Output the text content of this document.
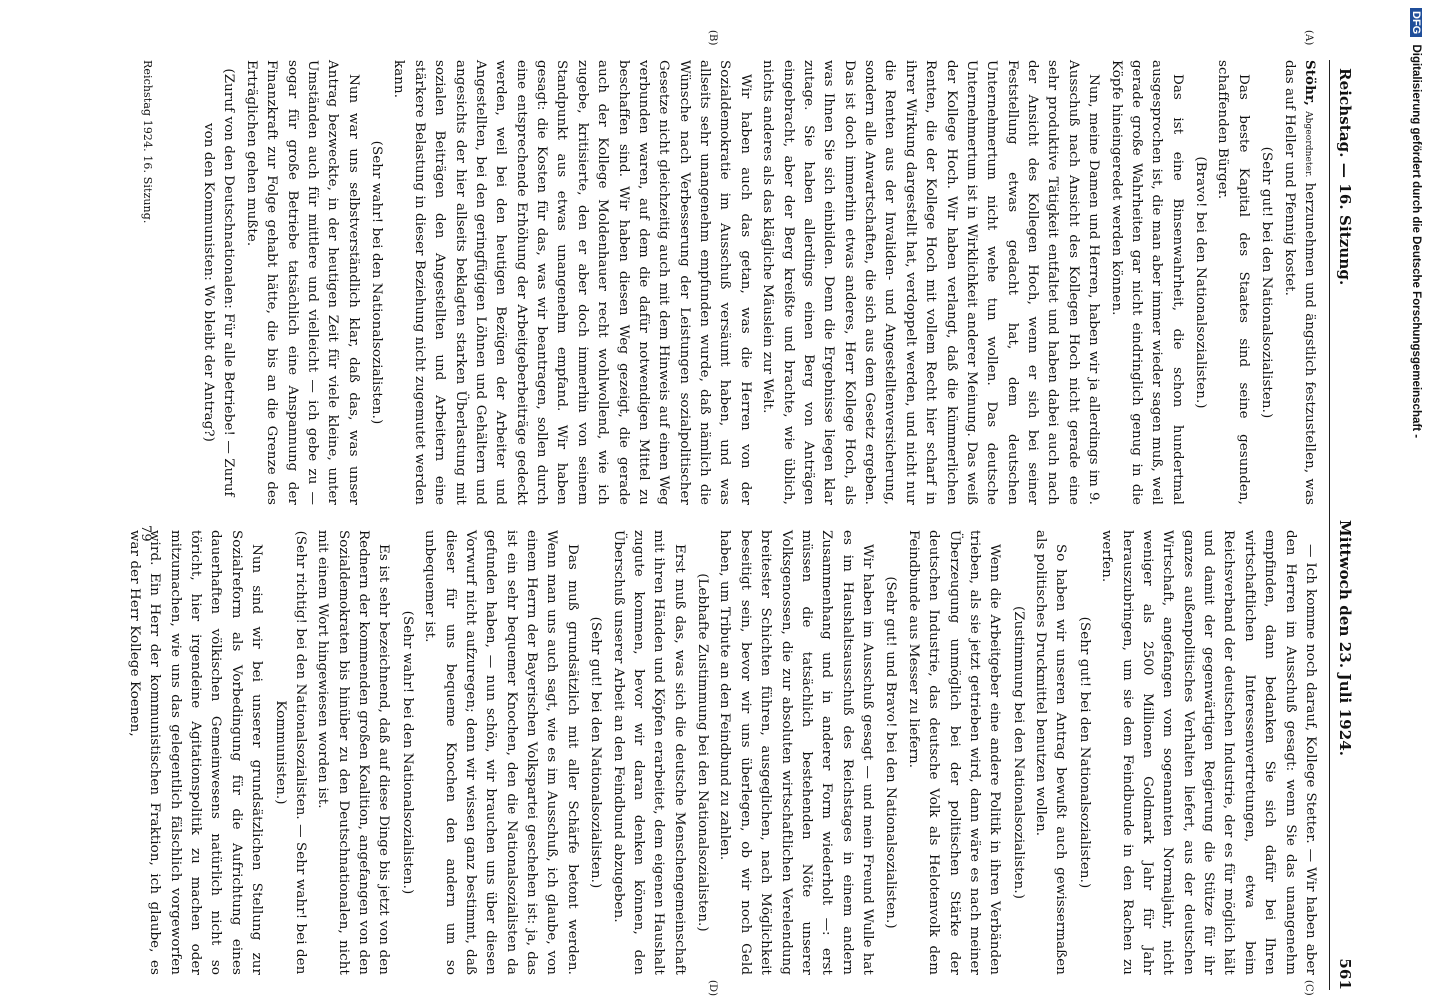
Reichstag. — 16. Sitzung.
Mittwoch den 23. Juli 1924.
561
(A)
(B)
(C)
(D)

Stöhr, Abgeordneter. herzunehmen und ängstlich festzustellen, was das auf Heller und Pfennig kostet.

(Sehr gut! bei den Nationalsozialisten.)

Das beste Kapital des Staates sind seine gesunden, schaffenden Bürger.

(Bravo! bei den Nationalsozialisten.)

Das ist eine Binsenwahrheit, die schon hundertmal ausgesprochen ist, die man aber immer wieder sagen muß, weil gerade große Wahrheiten gar nicht eindringlich genug in die Köpfe hineingeredet werden können.

Nun, meine Damen und Herren, haben wir ja allerdings im 9. Ausschuß nach Ansicht des Kollegen Hoch nicht gerade eine sehr produktive Tätigkeit entfaltet und haben dabei auch nach der Ansicht des Kollegen Hoch, wenn er sich bei seiner Feststellung etwas gedacht hat, dem deutschen Unternehmertum nicht wehe tun wollen. Das deutsche Unternehmertum ist in Wirklichkeit anderer Meinung. Das weiß der Kollege Hoch. Wir haben verlangt, daß die kümmerlichen Renten, die der Kollege Hoch mit vollem Recht hier scharf in ihrer Wirkung dargestellt hat, verdoppelt werden, und nicht nur die Renten aus der Invaliden- und Angestelltenversicherung, sondern alle Anwartschaften, die sich aus dem Gesetz ergeben. Das ist doch immerhin etwas anderes, Herr Kollege Hoch, als was Ihnen Sie sich einbilden. Denn die Ergebnisse liegen klar zutage. Sie haben allerdings einen Berg von Anträgen eingebracht, aber der Berg kreißte und brachte, wie üblich, nichts anderes als das klägliche Mäuslein zur Welt.

Wir haben auch das getan, was die Herren von der Sozialdemokratie im Ausschuß versäumt haben, und was allseits sehr unangenehm empfunden wurde, daß nämlich die Wünsche nach Verbesserung der Leistungen sozialpolitischer Gesetze nicht gleichzeitig auch mit dem Hinweis auf einen Weg verbunden waren, auf dem die dafür notwendigen Mittel zu beschaffen sind. Wir haben diesen Weg gezeigt, die gerade auch der Kollege Moldenhauer recht wohlwollend, wie ich zugebe, kritisierte, den er aber doch immerhin von seinem Standpunkt aus etwas unangenehm empfand. Wir haben gesagt: die Kosten für das, was wir beantragen, sollen durch eine entsprechende Erhöhung der Arbeitgeberbeiträge gedeckt werden, weil bei den heutigen Bezügen der Arbeiter und Angestellten, bei den geringfügigen Löhnen und Gehältern und angesichts der hier allseits beklagten starken Überlastung mit sozialen Beiträgen den Angestellten und Arbeitern eine stärkere Belastung in dieser Beziehung nicht zugemutet werden kann.

(Sehr wahr! bei den Nationalsozialisten.)

Nun war uns selbstverständlich klar, daß das, was unser Antrag bezweckte, in der heutigen Zeit für viele kleine, unter Umständen auch für mittlere und vielleicht — ich gebe zu — sogar für große Betriebe tatsächlich eine Anspannung der Finanzkraft zur Folge gehabt hätte, die bis an die Grenze des Erträglichen gehen mußte.

(Zuruf von den Deutschnationalen: Für alle Betriebe! — Zuruf von den Kommunisten: Wo bleibt der Antrag?)

— Ich komme noch darauf, Kollege Stetter. — Wir haben aber den Herren im Ausschuß gesagt: wenn Sie das unangenehm empfinden, dann bedanken Sie sich dafür bei Ihren wirtschaftlichen Interessenvertretungen, etwa beim Reichsverband der deutschen Industrie, der es für möglich hält und damit der gegenwärtigen Regierung die Stütze für ihr ganzes außenpolitisches Verhalten liefert, aus der deutschen Wirtschaft, angefangen vom sogenannten Normaljahr, nicht weniger als 2500 Millionen Goldmark Jahr für Jahr herauszubringen, um sie dem Feindbunde in den Rachen zu werfen.

(Sehr gut! bei den Nationalsozialisten.)

So haben wir unseren Antrag bewußt auch gewissermaßen als politisches Druckmittel benutzen wollen.

(Zustimmung bei den Nationalsozialisten.)

Wenn die Arbeitgeber eine andere Politik in ihren Verbänden trieben, als sie jetzt getrieben wird, dann wäre es nach meiner Überzeugung unmöglich bei der politischen Stärke der deutschen Industrie, das deutsche Volk als Helotenvolk dem Feindbunde aus Messer zu liefern.

(Sehr gut! und Bravo! bei den Nationalsozialisten.)

Wir haben im Ausschuß gesagt — und mein Freund Wulle hat es im Haushaltsausschuß des Reichstages in einem andern Zusammenhang und in anderer Form wiederholt —: erst müssen die tatsächlich bestehenden Nöte unserer Volksgenossen, die zur absoluten wirtschaftlichen Verelendung breitester Schichten führen, ausgeglichen, nach Möglichkeit beseitigt sein, bevor wir uns überlegen, ob wir noch Geld haben, um Tribute an den Feindbund zu zahlen.

(Lebhafte Zustimmung bei den Nationalsozialisten.)

Erst muß das, was sich die deutsche Menschengemeinschaft mit ihren Händen und Köpfen erarbeitet, dem eigenen Haushalt zugute kommen, bevor wir daran denken können, den Überschuß unserer Arbeit an den Feindbund abzugeben.

(Sehr gut! bei den Nationalsozialisten.)

Das muß grundsätzlich mit aller Schärfe betont werden. Wenn man uns auch sagt, wie es im Ausschuß, ich glaube, von einem Herrn der Bayerischen Volkspartei geschehen ist: ja, das ist ein sehr bequemer Knochen, den die Nationalsozialisten da gefunden haben, — nun schön, wir brauchen uns über diesen Vorwurf nicht aufzuregen; denn wir wissen ganz bestimmt, daß dieser für uns bequeme Knochen den andern um so unbequemer ist.

(Sehr wahr! bei den Nationalsozialisten.)

Es ist sehr bezeichnend, daß auf diese Dinge bis jetzt von den Rednern der kommenden großen Koalition, angefangen von den Sozialdemokraten bis hinüber zu den Deutschnationalen, nicht mit einem Wort hingewiesen worden ist.

(Sehr richtig! bei den Nationalsozialisten. — Sehr wahr! bei den Kommunisten.)

Nun sind wir bei unserer grundsätzlichen Stellung zur Sozialreform als Vorbedingung für die Aufrichtung eines dauerhaften völkischen Gemeinwesens natürlich nicht so töricht, hier irgendeine Agitationspolitik zu machen oder mitzumachen, wie uns das gelegentlich fälschlich vorgeworfen wird. Ein Herr der kommunistischen Fraktion, ich glaube, es war der Herr Kollege Koenen,

Reichstag 1924. 16. Sitzung.
79
DFG Digitalisierung gefördert durch die Deutsche Forschungsgemeinschaft -
